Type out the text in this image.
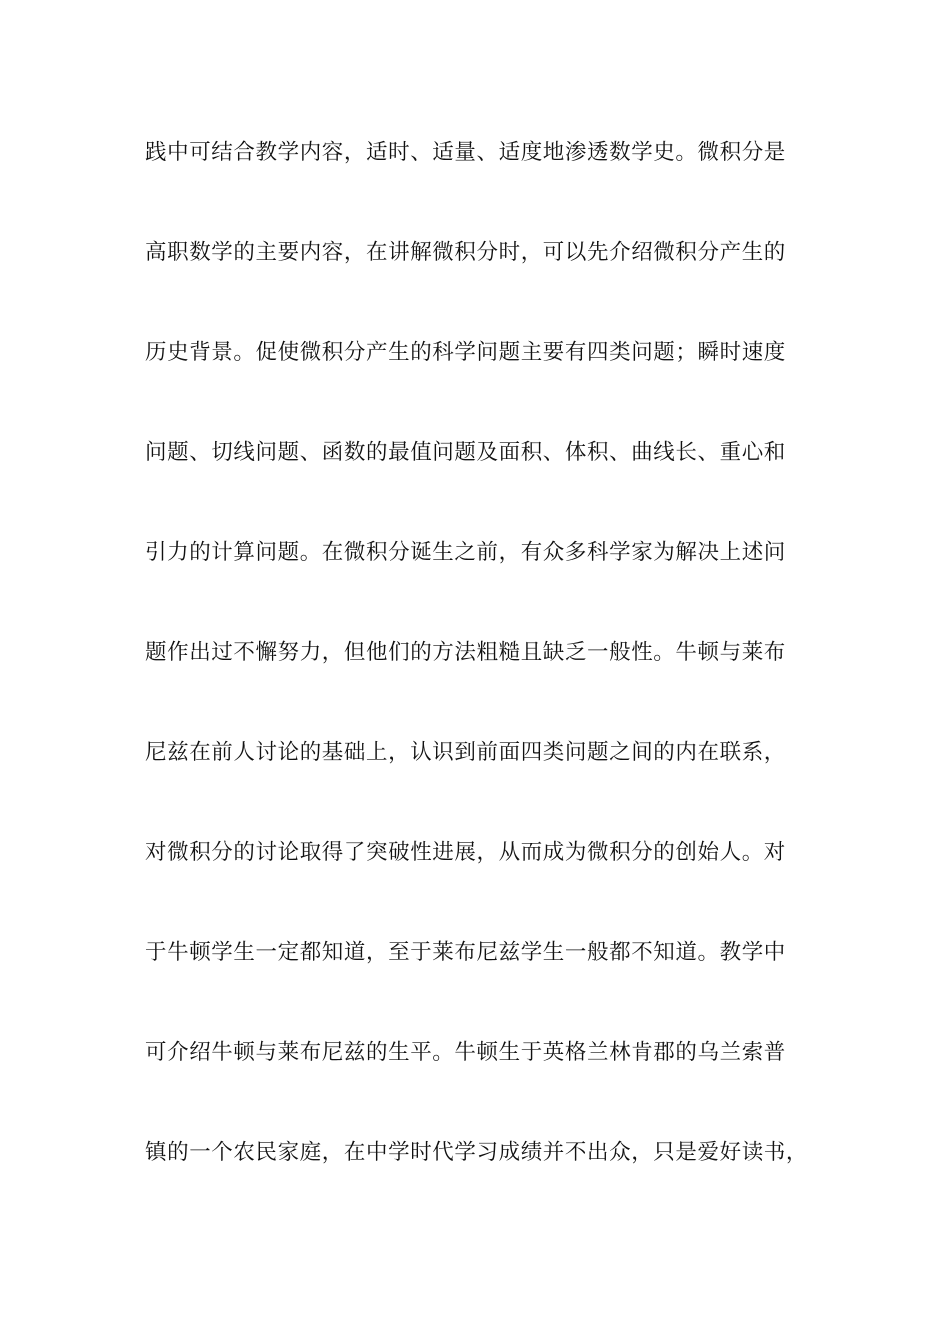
践中可结合教学内容，适时、适量、适度地渗透数学史。微积分是
高职数学的主要内容，在讲解微积分时，可以先介绍微积分产生的
历史背景。促使微积分产生的科学问题主要有四类问题；瞬时速度
问题、切线问题、函数的最值问题及面积、体积、曲线长、重心和
引力的计算问题。在微积分诞生之前，有众多科学家为解决上述问
题作出过不懈努力，但他们的方法粗糙且缺乏一般性。牛顿与莱布
尼兹在前人讨论的基础上，认识到前面四类问题之间的内在联系，
对微积分的讨论取得了突破性进展，从而成为微积分的创始人。对
于牛顿学生一定都知道，至于莱布尼兹学生一般都不知道。教学中
可介绍牛顿与莱布尼兹的生平。牛顿生于英格兰林肯郡的乌兰索普
镇的一个农民家庭，在中学时代学习成绩并不出众，只是爱好读书，
